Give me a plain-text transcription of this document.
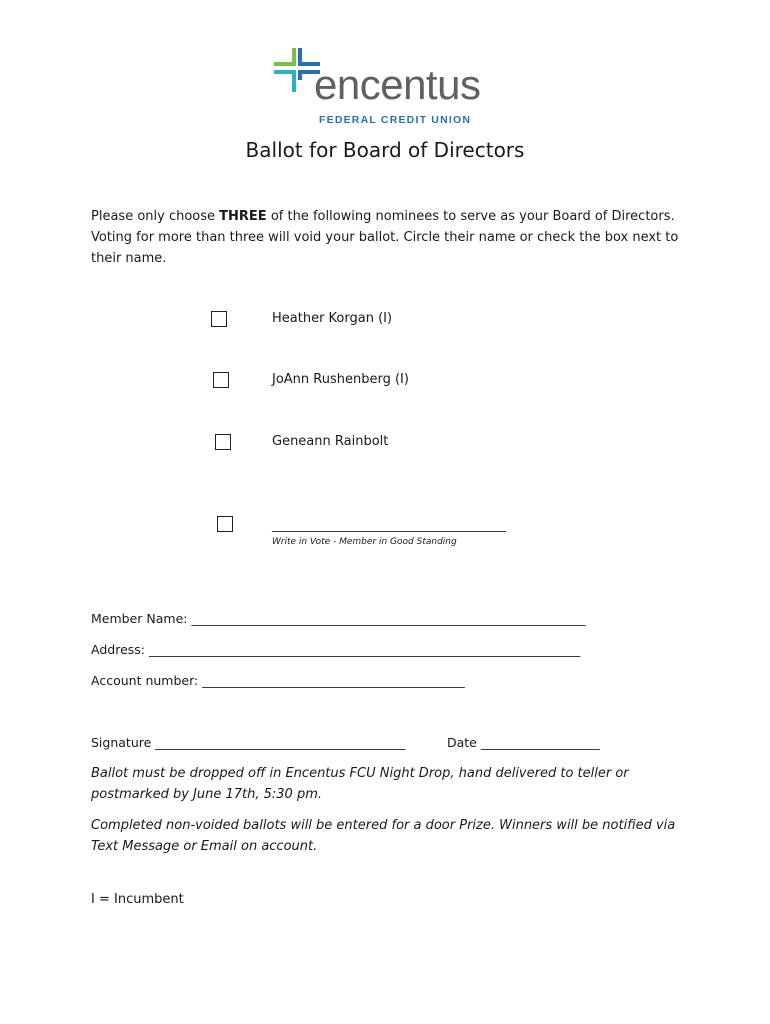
encentus
FEDERAL CREDIT UNION
Ballot for Board of Directors
Please only choose THREE of the following nominees to serve as your Board of Directors. Voting for more than three will void your ballot. Circle their name or check the box next to their name.
Heather Korgan (I)
JoAnn Rushenberg (I)
Geneann Rainbolt
_______________________________________
Write in Vote - Member in Good Standing
Member Name: _______________________________________________________________
Address: _____________________________________________________________________
Account number: __________________________________________
Signature ________________________________________	Date ___________________
Ballot must be dropped off in Encentus FCU Night Drop, hand delivered to teller or postmarked by June 17th, 5:30 pm.
Completed non-voided ballots will be entered for a door Prize. Winners will be notified via Text Message or Email on account.
I = Incumbent
